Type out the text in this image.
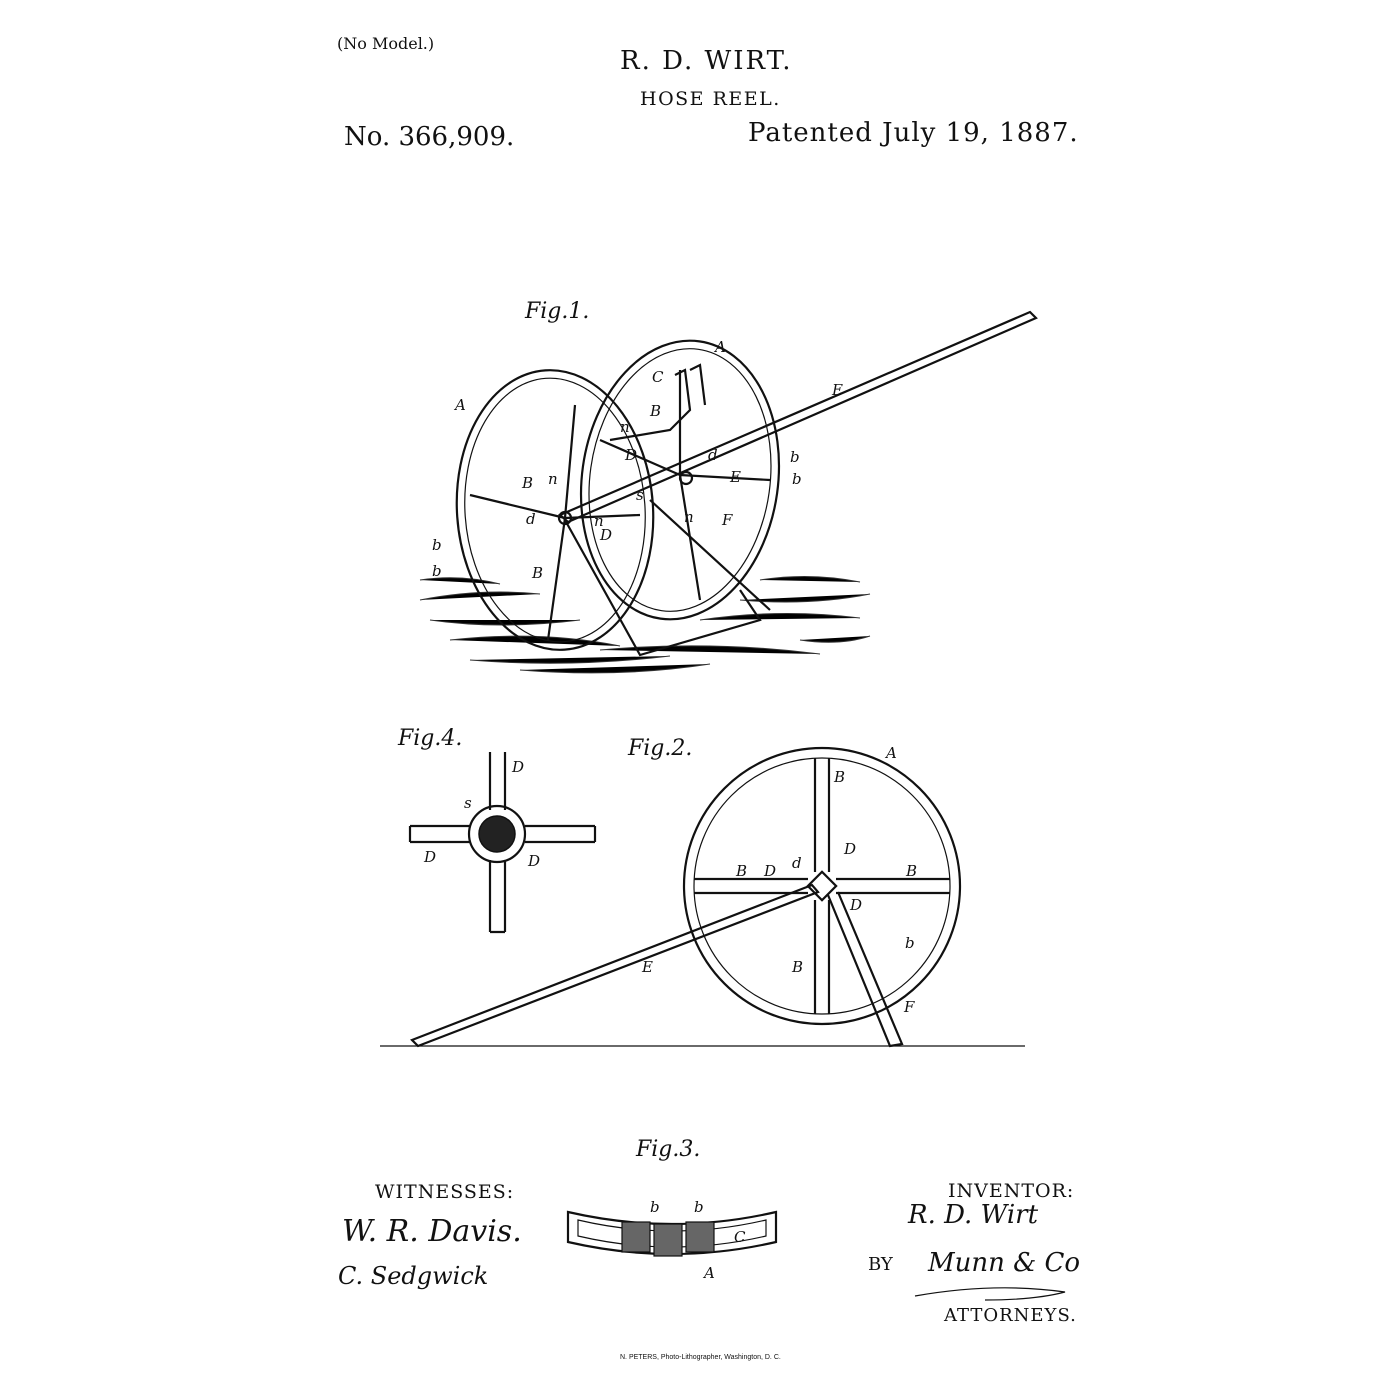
(No Model.)
R. D. WIRT.
HOSE REEL.
No. 366,909.	Patented July 19, 1887.
Fig.1.
A
A
C
B
E
n
D	d	b
b
B n	E
s
d	n
D
n F
b
b	B
Fig.4.
D
s
D	D
Fig.2.	A
B
D
d
B D	B
D
b
B
E
F
Fig.3.
b b
C
A
WITNESSES:
W. R. Davis.
C. Sedgwick
INVENTOR:
R. D. Wirt
BY Munn & Co
ATTORNEYS.
N. PETERS, Photo-Lithographer, Washington, D. C.
